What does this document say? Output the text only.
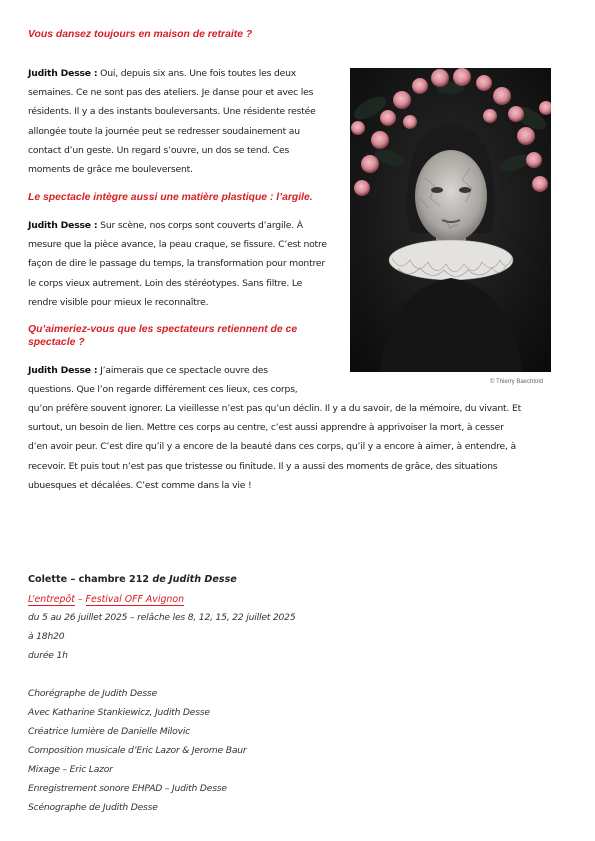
Vous dansez toujours en maison de retraite ?

Judith Desse : Oui, depuis six ans. Une fois toutes les deux semaines. Ce ne sont pas des ateliers. Je danse pour et avec les résidents. Il y a des instants bouleversants. Une résidente restée allongée toute la journée peut se redresser soudainement au contact d’un geste. Un regard s’ouvre, un dos se tend. Ces moments de grâce me bouleversent.

Le spectacle intègre aussi une matière plastique : l’argile.

Judith Desse : Sur scène, nos corps sont couverts d’argile. À mesure que la pièce avance, la peau craque, se fissure. C’est notre façon de dire le passage du temps, la transformation pour montrer le corps vieux autrement. Loin des stéréotypes. Sans filtre. Le rendre visible pour mieux le reconnaître.

Qu’aimeriez-vous que les spectateurs retiennent de ce
spectacle ?

Judith Desse : J’aimerais que ce spectacle ouvre des

questions. Que l’on regarde différement ces lieux, ces corps,

qu’on préfère souvent ignorer. La vieillesse n’est pas qu’un déclin. Il y a du savoir, de la mémoire, du vivant. Et surtout, un besoin de lien. Mettre ces corps au centre, c’est aussi apprendre à apprivoiser la mort, à cesser d’en avoir peur. C’est dire qu’il y a encore de la beauté dans ces corps, qu’il y a encore à aimer, à entendre, à recevoir. Et puis tout n’est pas que tristesse ou finitude. Il y a aussi des moments de grâce, des situations ubuesques et décalées. C’est comme dans la vie !

© Thierry Baechtold
Colette – chambre 212 de Judith Desse
L’entrepôt – Festival OFF Avignon
du 5 au 26 juillet 2025 – relâche les 8, 12, 15, 22 juillet 2025
à 18h20
durée 1h
Chorégraphe de Judith Desse
Avec Katharine Stankiewicz, Judith Desse
Créatrice lumière de Danielle Milovic
Composition musicale d’Eric Lazor & Jerome Baur
Mixage – Eric Lazor
Enregistrement sonore EHPAD – Judith Desse
Scénographe de Judith Desse
